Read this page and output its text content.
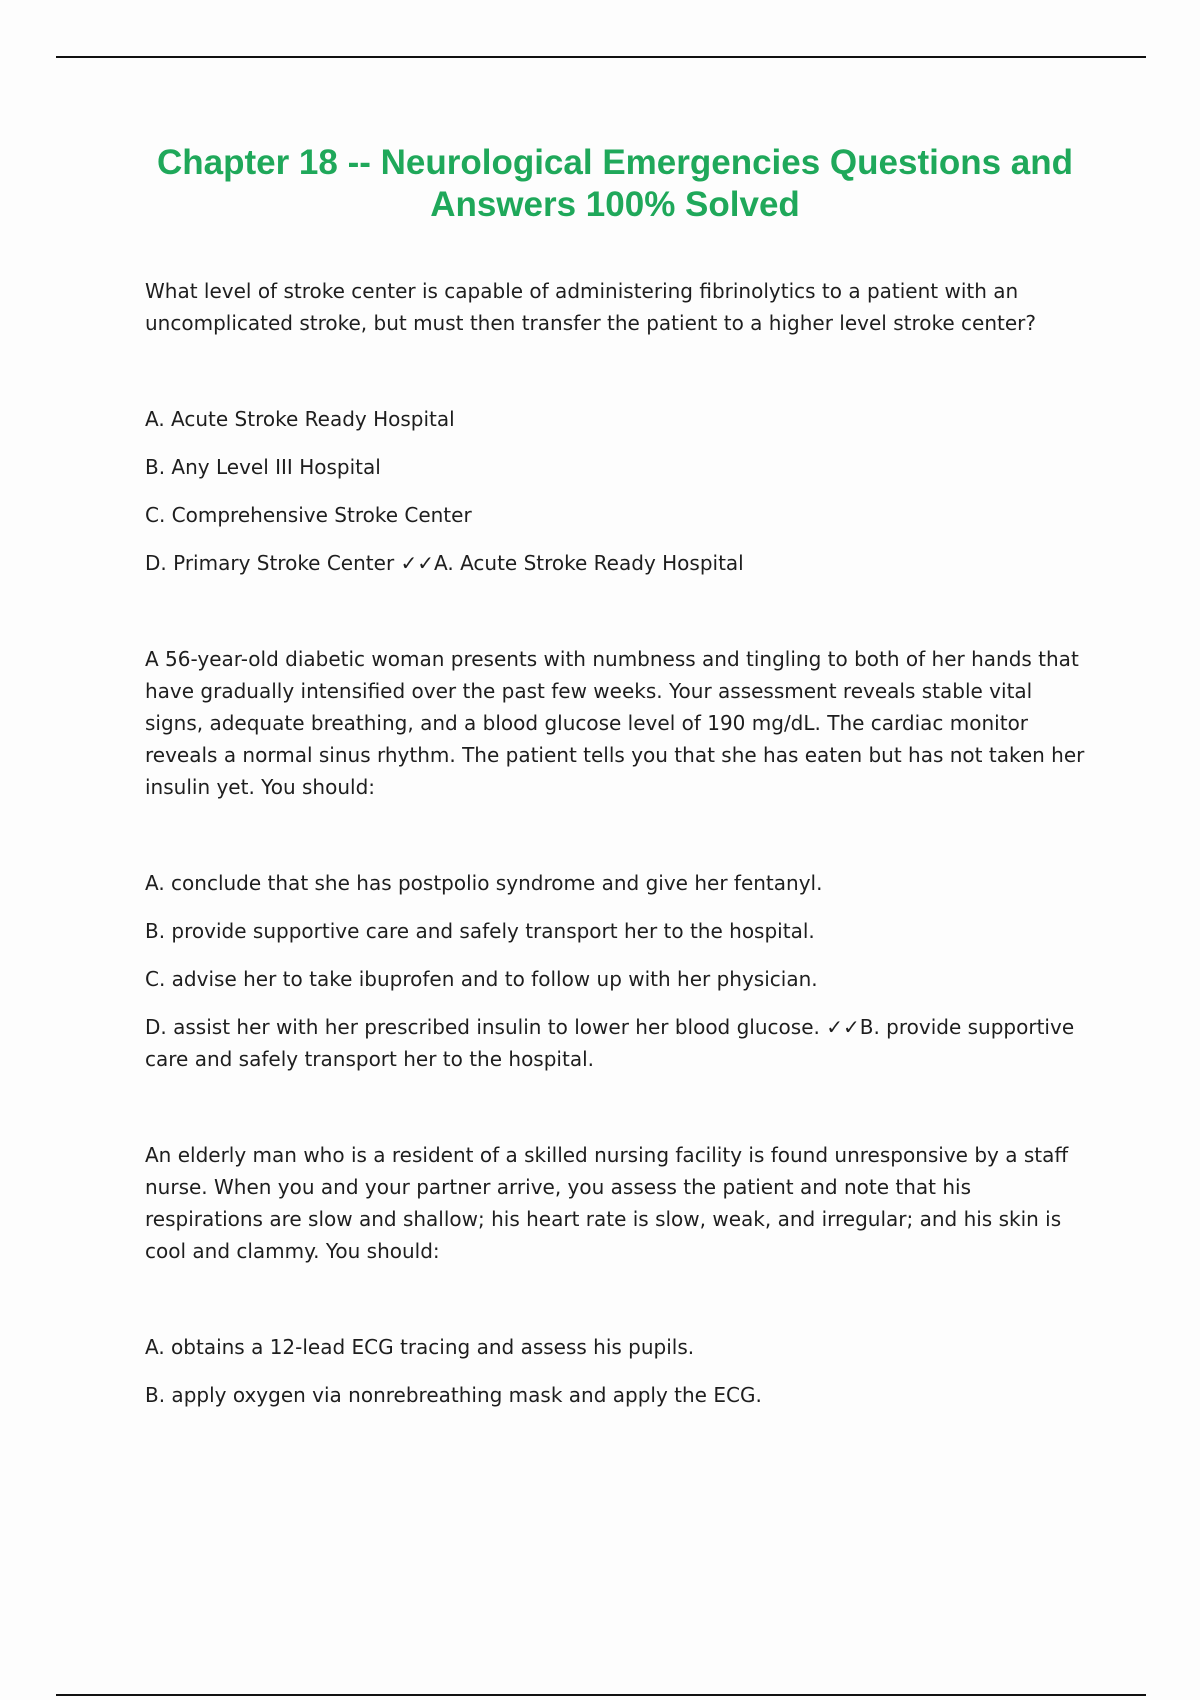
Chapter 18 -- Neurological Emergencies Questions and Answers 100% Solved

What level of stroke center is capable of administering fibrinolytics to a patient with an uncomplicated stroke, but must then transfer the patient to a higher level stroke center?

A. Acute Stroke Ready Hospital
B. Any Level III Hospital
C. Comprehensive Stroke Center
D. Primary Stroke Center ✓✓A. Acute Stroke Ready Hospital

A 56-year-old diabetic woman presents with numbness and tingling to both of her hands that have gradually intensified over the past few weeks. Your assessment reveals stable vital signs, adequate breathing, and a blood glucose level of 190 mg/dL. The cardiac monitor reveals a normal sinus rhythm. The patient tells you that she has eaten but has not taken her insulin yet. You should:

A. conclude that she has postpolio syndrome and give her fentanyl.
B. provide supportive care and safely transport her to the hospital.
C. advise her to take ibuprofen and to follow up with her physician.
D. assist her with her prescribed insulin to lower her blood glucose. ✓✓B. provide supportive care and safely transport her to the hospital.

An elderly man who is a resident of a skilled nursing facility is found unresponsive by a staff nurse. When you and your partner arrive, you assess the patient and note that his respirations are slow and shallow; his heart rate is slow, weak, and irregular; and his skin is cool and clammy. You should:

A. obtains a 12-lead ECG tracing and assess his pupils.
B. apply oxygen via nonrebreathing mask and apply the ECG.
